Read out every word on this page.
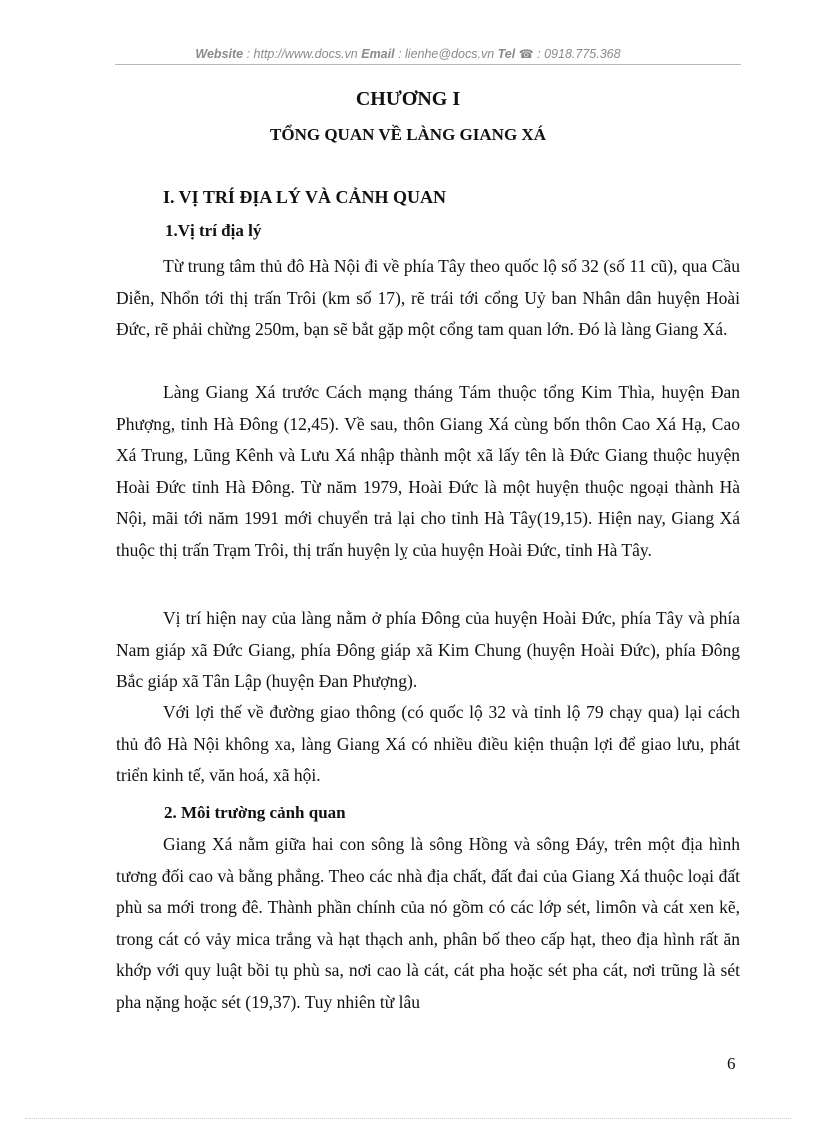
Website : http://www.docs.vn Email : lienhe@docs.vn Tel ☎ : 0918.775.368
CHƯƠNG I
TỔNG QUAN VỀ LÀNG GIANG XÁ
I. VỊ TRÍ ĐỊA LÝ VÀ CẢNH QUAN
1.Vị trí địa lý

Từ trung tâm thủ đô Hà Nội đi về phía Tây theo quốc lộ số 32 (số 11 cũ), qua Cầu Diễn, Nhổn tới thị trấn Trôi (km số 17), rẽ trái tới cổng Uỷ ban Nhân dân huyện Hoài Đức, rẽ phải chừng 250m, bạn sẽ bắt gặp một cổng tam quan lớn. Đó là làng Giang Xá.

Làng Giang Xá trước Cách mạng tháng Tám thuộc tổng Kim Thìa, huyện Đan Phượng, tỉnh Hà Đông (12,45). Về sau, thôn Giang Xá cùng bốn thôn Cao Xá Hạ, Cao Xá Trung, Lũng Kênh và Lưu Xá nhập thành một xã lấy tên là Đức Giang thuộc huyện Hoài Đức tỉnh Hà Đông. Từ năm 1979, Hoài Đức là một huyện thuộc ngoại thành Hà Nội, mãi tới năm 1991 mới chuyển trả lại cho tỉnh Hà Tây(19,15). Hiện nay, Giang Xá thuộc thị trấn Trạm Trôi, thị trấn huyện lỵ của huyện Hoài Đức, tỉnh Hà Tây.

Vị trí hiện nay của làng nằm ở phía Đông của huyện Hoài Đức, phía Tây và phía Nam giáp xã Đức Giang, phía Đông giáp xã Kim Chung (huyện Hoài Đức), phía Đông Bắc giáp xã Tân Lập (huyện Đan Phượng).

Với lợi thế về đường giao thông (có quốc lộ 32 và tỉnh lộ 79 chạy qua) lại cách thủ đô Hà Nội không xa, làng Giang Xá có nhiều điều kiện thuận lợi để giao lưu, phát triển kinh tế, văn hoá, xã hội.

2. Môi trường cảnh quan

Giang Xá nằm giữa hai con sông là sông Hồng và sông Đáy, trên một địa hình tương đối cao và bằng phẳng. Theo các nhà địa chất, đất đai của Giang Xá thuộc loại đất phù sa mới trong đê. Thành phần chính của nó gồm có các lớp sét, limôn và cát xen kẽ, trong cát có vảy mica trắng và hạt thạch anh, phân bố theo cấp hạt, theo địa hình rất ăn khớp với quy luật bồi tụ phù sa, nơi cao là cát, cát pha hoặc sét pha cát, nơi trũng là sét pha nặng hoặc sét (19,37). Tuy nhiên từ lâu

6
